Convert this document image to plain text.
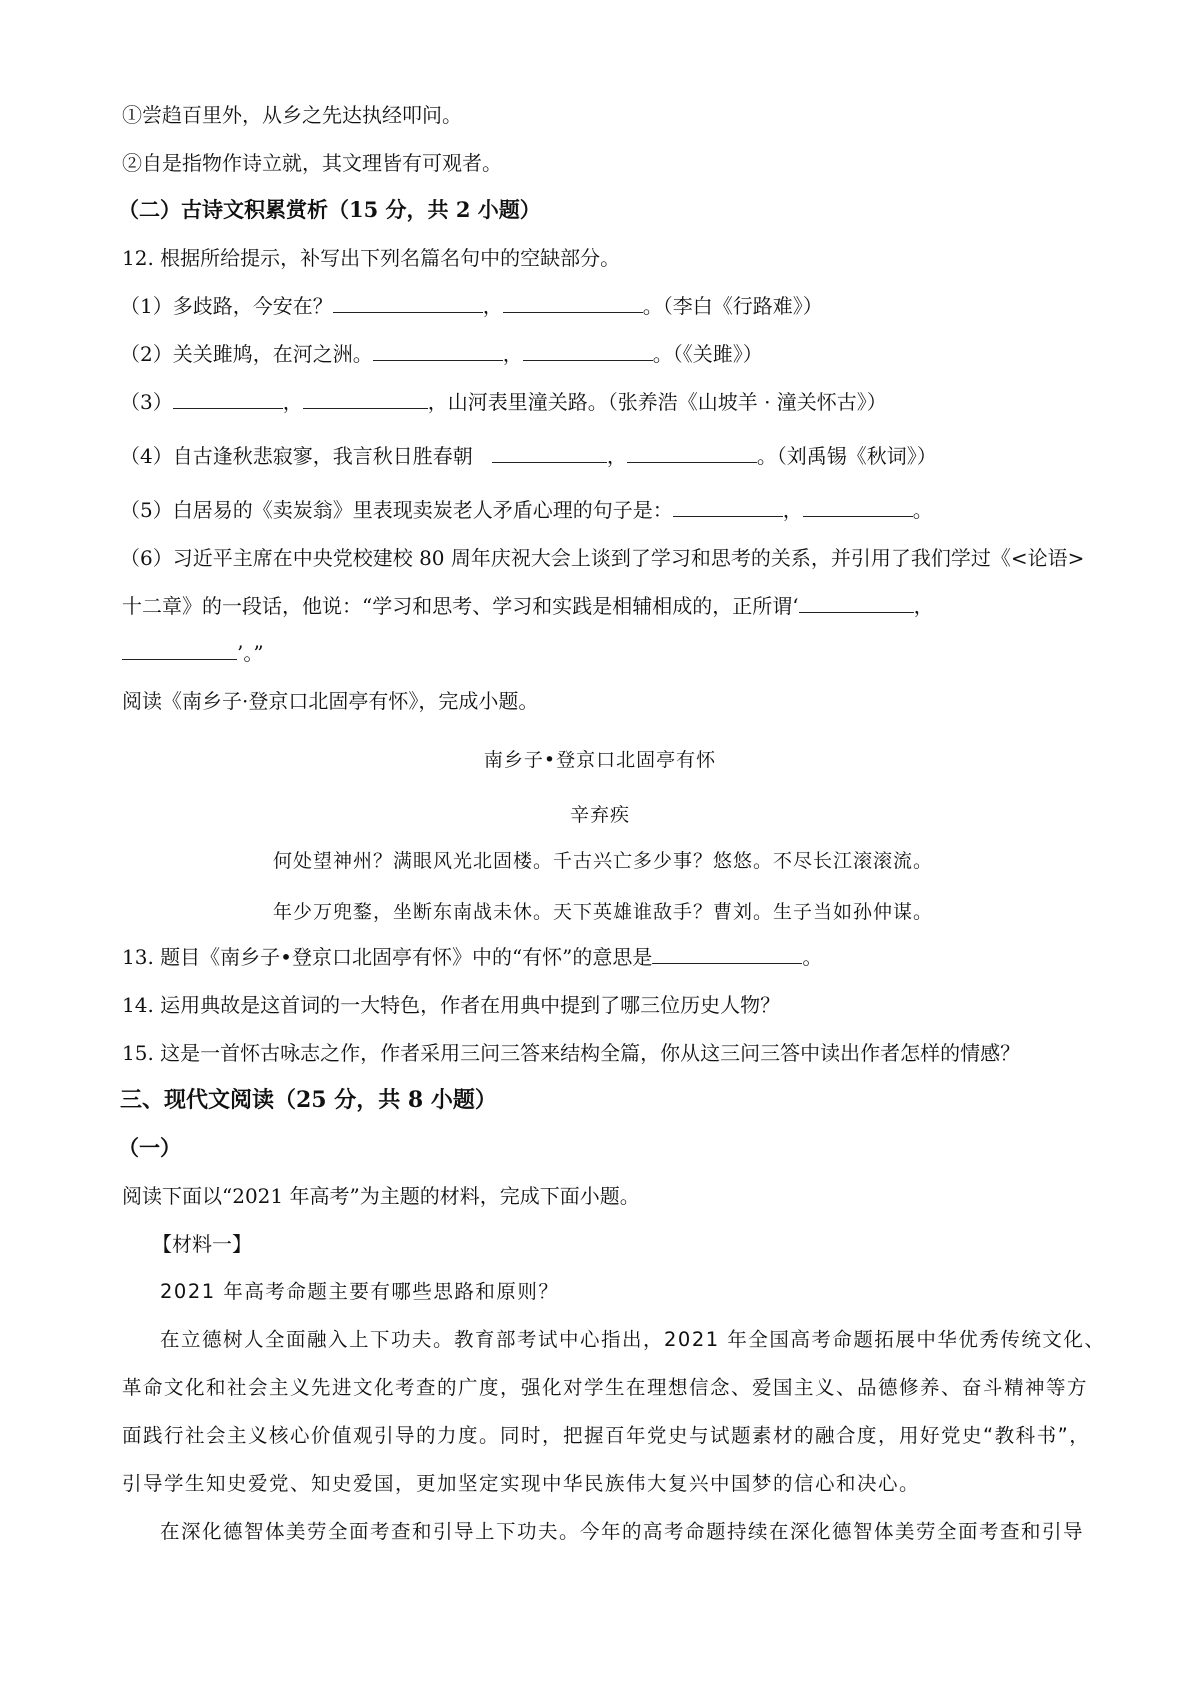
①尝趋百里外，从乡之先达执经叩问。
②自是指物作诗立就，其文理皆有可观者。
（二）古诗文积累赏析（15 分，共 2 小题）
12. 根据所给提示，补写出下列名篇名句中的空缺部分。
（1）多歧路，今安在？	，	。（李白《行路难》）
（2）关关雎鸠，在河之洲。	，	。（《关雎》）
（3）	，	，山河表里潼关路。（张养浩《山坡羊 · 潼关怀古》）
（4）自古逢秋悲寂寥，我言秋日胜春朝	，	。（刘禹锡《秋词》）
（5）白居易的《卖炭翁》里表现卖炭老人矛盾心理的句子是：	，	。
（6）习近平主席在中央党校建校 80 周年庆祝大会上谈到了学习和思考的关系，并引用了我们学过《<论语>
十二章》的一段话，他说：“学习和思考、学习和实践是相辅相成的，正所谓‘	，
’。”
阅读《南乡子·登京口北固亭有怀》，完成小题。
南乡子•登京口北固亭有怀
辛弃疾
何处望神州？满眼风光北固楼。千古兴亡多少事？悠悠。不尽长江滚滚流。
年少万兜鍪，坐断东南战未休。天下英雄谁敌手？曹刘。生子当如孙仲谋。
13. 题目《南乡子•登京口北固亭有怀》中的“有怀”的意思是	。
14. 运用典故是这首词的一大特色，作者在用典中提到了哪三位历史人物？
15. 这是一首怀古咏志之作，作者采用三问三答来结构全篇，你从这三问三答中读出作者怎样的情感？
三、现代文阅读（25 分，共 8 小题）
（一）
阅读下面以“2021 年高考”为主题的材料，完成下面小题。
【材料一】
2021 年高考命题主要有哪些思路和原则？
在立德树人全面融入上下功夫。教育部考试中心指出，2021 年全国高考命题拓展中华优秀传统文化、
革命文化和社会主义先进文化考查的广度，强化对学生在理想信念、爱国主义、品德修养、奋斗精神等方
面践行社会主义核心价值观引导的力度。同时，把握百年党史与试题素材的融合度，用好党史“教科书”，
引导学生知史爱党、知史爱国，更加坚定实现中华民族伟大复兴中国梦的信心和决心。
在深化德智体美劳全面考查和引导上下功夫。今年的高考命题持续在深化德智体美劳全面考查和引导
